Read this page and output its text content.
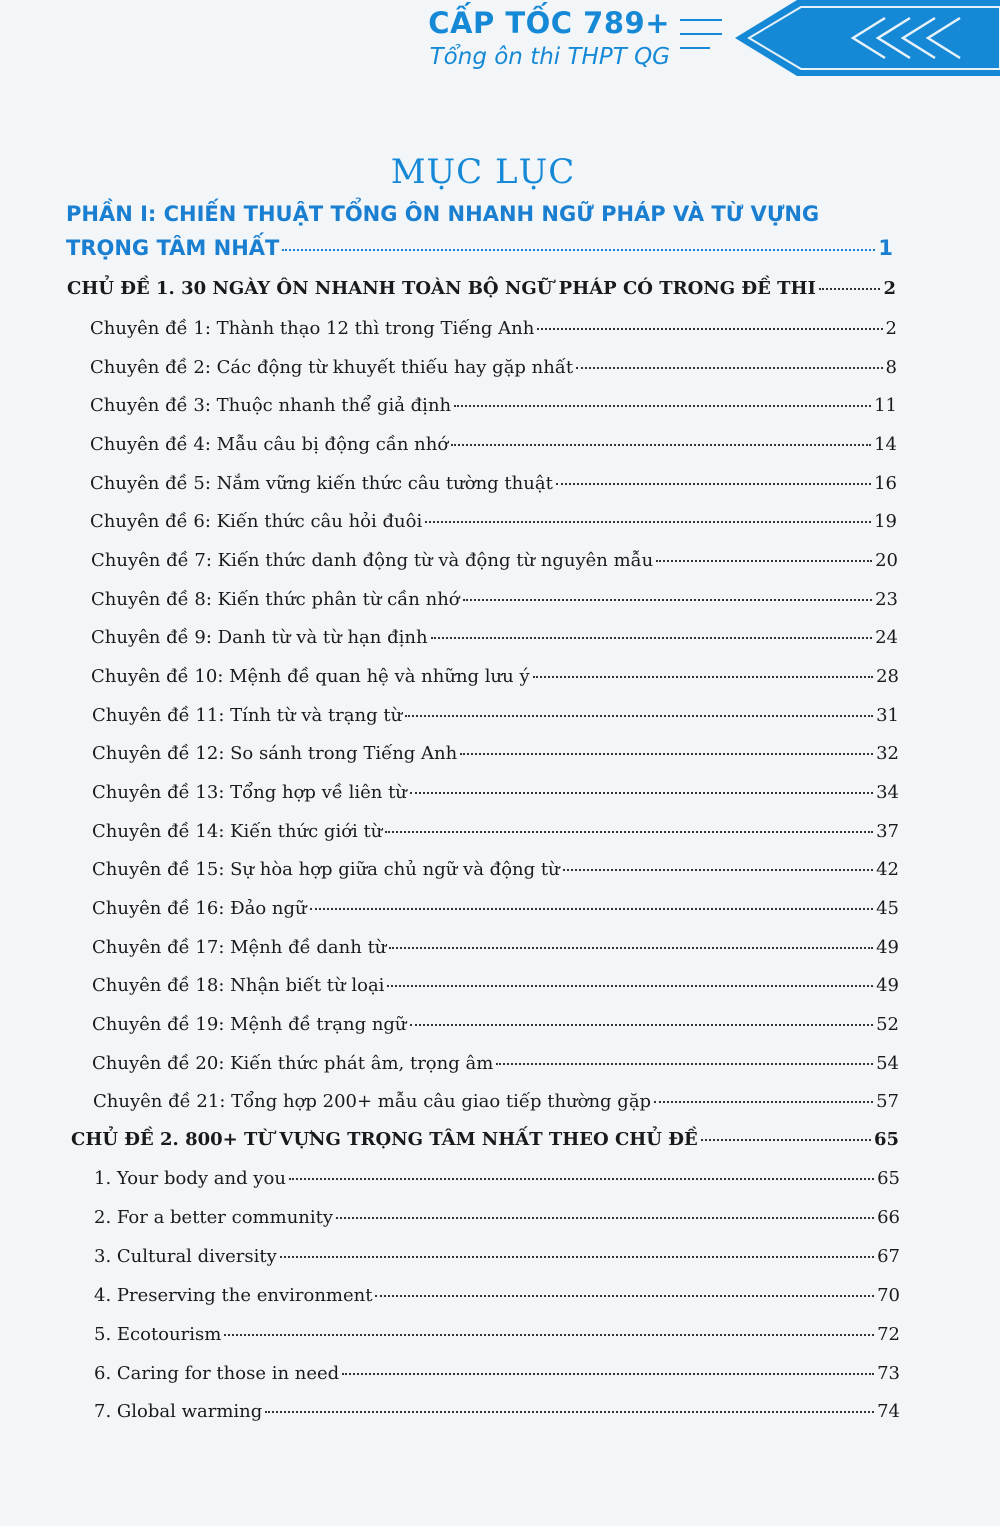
CẤP TỐC 789+
Tổng ôn thi THPT QG
MỤC LỤC
PHẦN I: CHIẾN THUẬT TỔNG ÔN NHANH NGỮ PHÁP VÀ TỪ VỰNG
TRỌNG TÂM NHẤT	1
CHỦ ĐỀ 1. 30 NGÀY ÔN NHANH TOÀN BỘ NGỮ PHÁP CÓ TRONG ĐỀ THI	2
Chuyên đề 1: Thành thạo 12 thì trong Tiếng Anh	2
Chuyên đề 2: Các động từ khuyết thiếu hay gặp nhất	8
Chuyên đề 3: Thuộc nhanh thể giả định	11
Chuyên đề 4: Mẫu câu bị động cần nhớ	14
Chuyên đề 5: Nắm vững kiến thức câu tường thuật	16
Chuyên đề 6: Kiến thức câu hỏi đuôi	19
Chuyên đề 7: Kiến thức danh động từ và động từ nguyên mẫu	20
Chuyên đề 8: Kiến thức phân từ cần nhớ	23
Chuyên đề 9: Danh từ và từ hạn định	24
Chuyên đề 10: Mệnh đề quan hệ và những lưu ý	28
Chuyên đề 11: Tính từ và trạng từ	31
Chuyên đề 12: So sánh trong Tiếng Anh	32
Chuyên đề 13: Tổng hợp về liên từ	34
Chuyên đề 14: Kiến thức giới từ	37
Chuyên đề 15: Sự hòa hợp giữa chủ ngữ và động từ	42
Chuyên đề 16: Đảo ngữ	45
Chuyên đề 17: Mệnh đề danh từ	49
Chuyên đề 18: Nhận biết từ loại	49
Chuyên đề 19: Mệnh đề trạng ngữ	52
Chuyên đề 20: Kiến thức phát âm, trọng âm	54
Chuyên đề 21: Tổng hợp 200+ mẫu câu giao tiếp thường gặp	57
CHỦ ĐỀ 2. 800+ TỪ VỰNG TRỌNG TÂM NHẤT THEO CHỦ ĐỀ	65
1. Your body and you	65
2. For a better community	66
3. Cultural diversity	67
4. Preserving the environment	70
5. Ecotourism	72
6. Caring for those in need	73
7. Global warming	74
